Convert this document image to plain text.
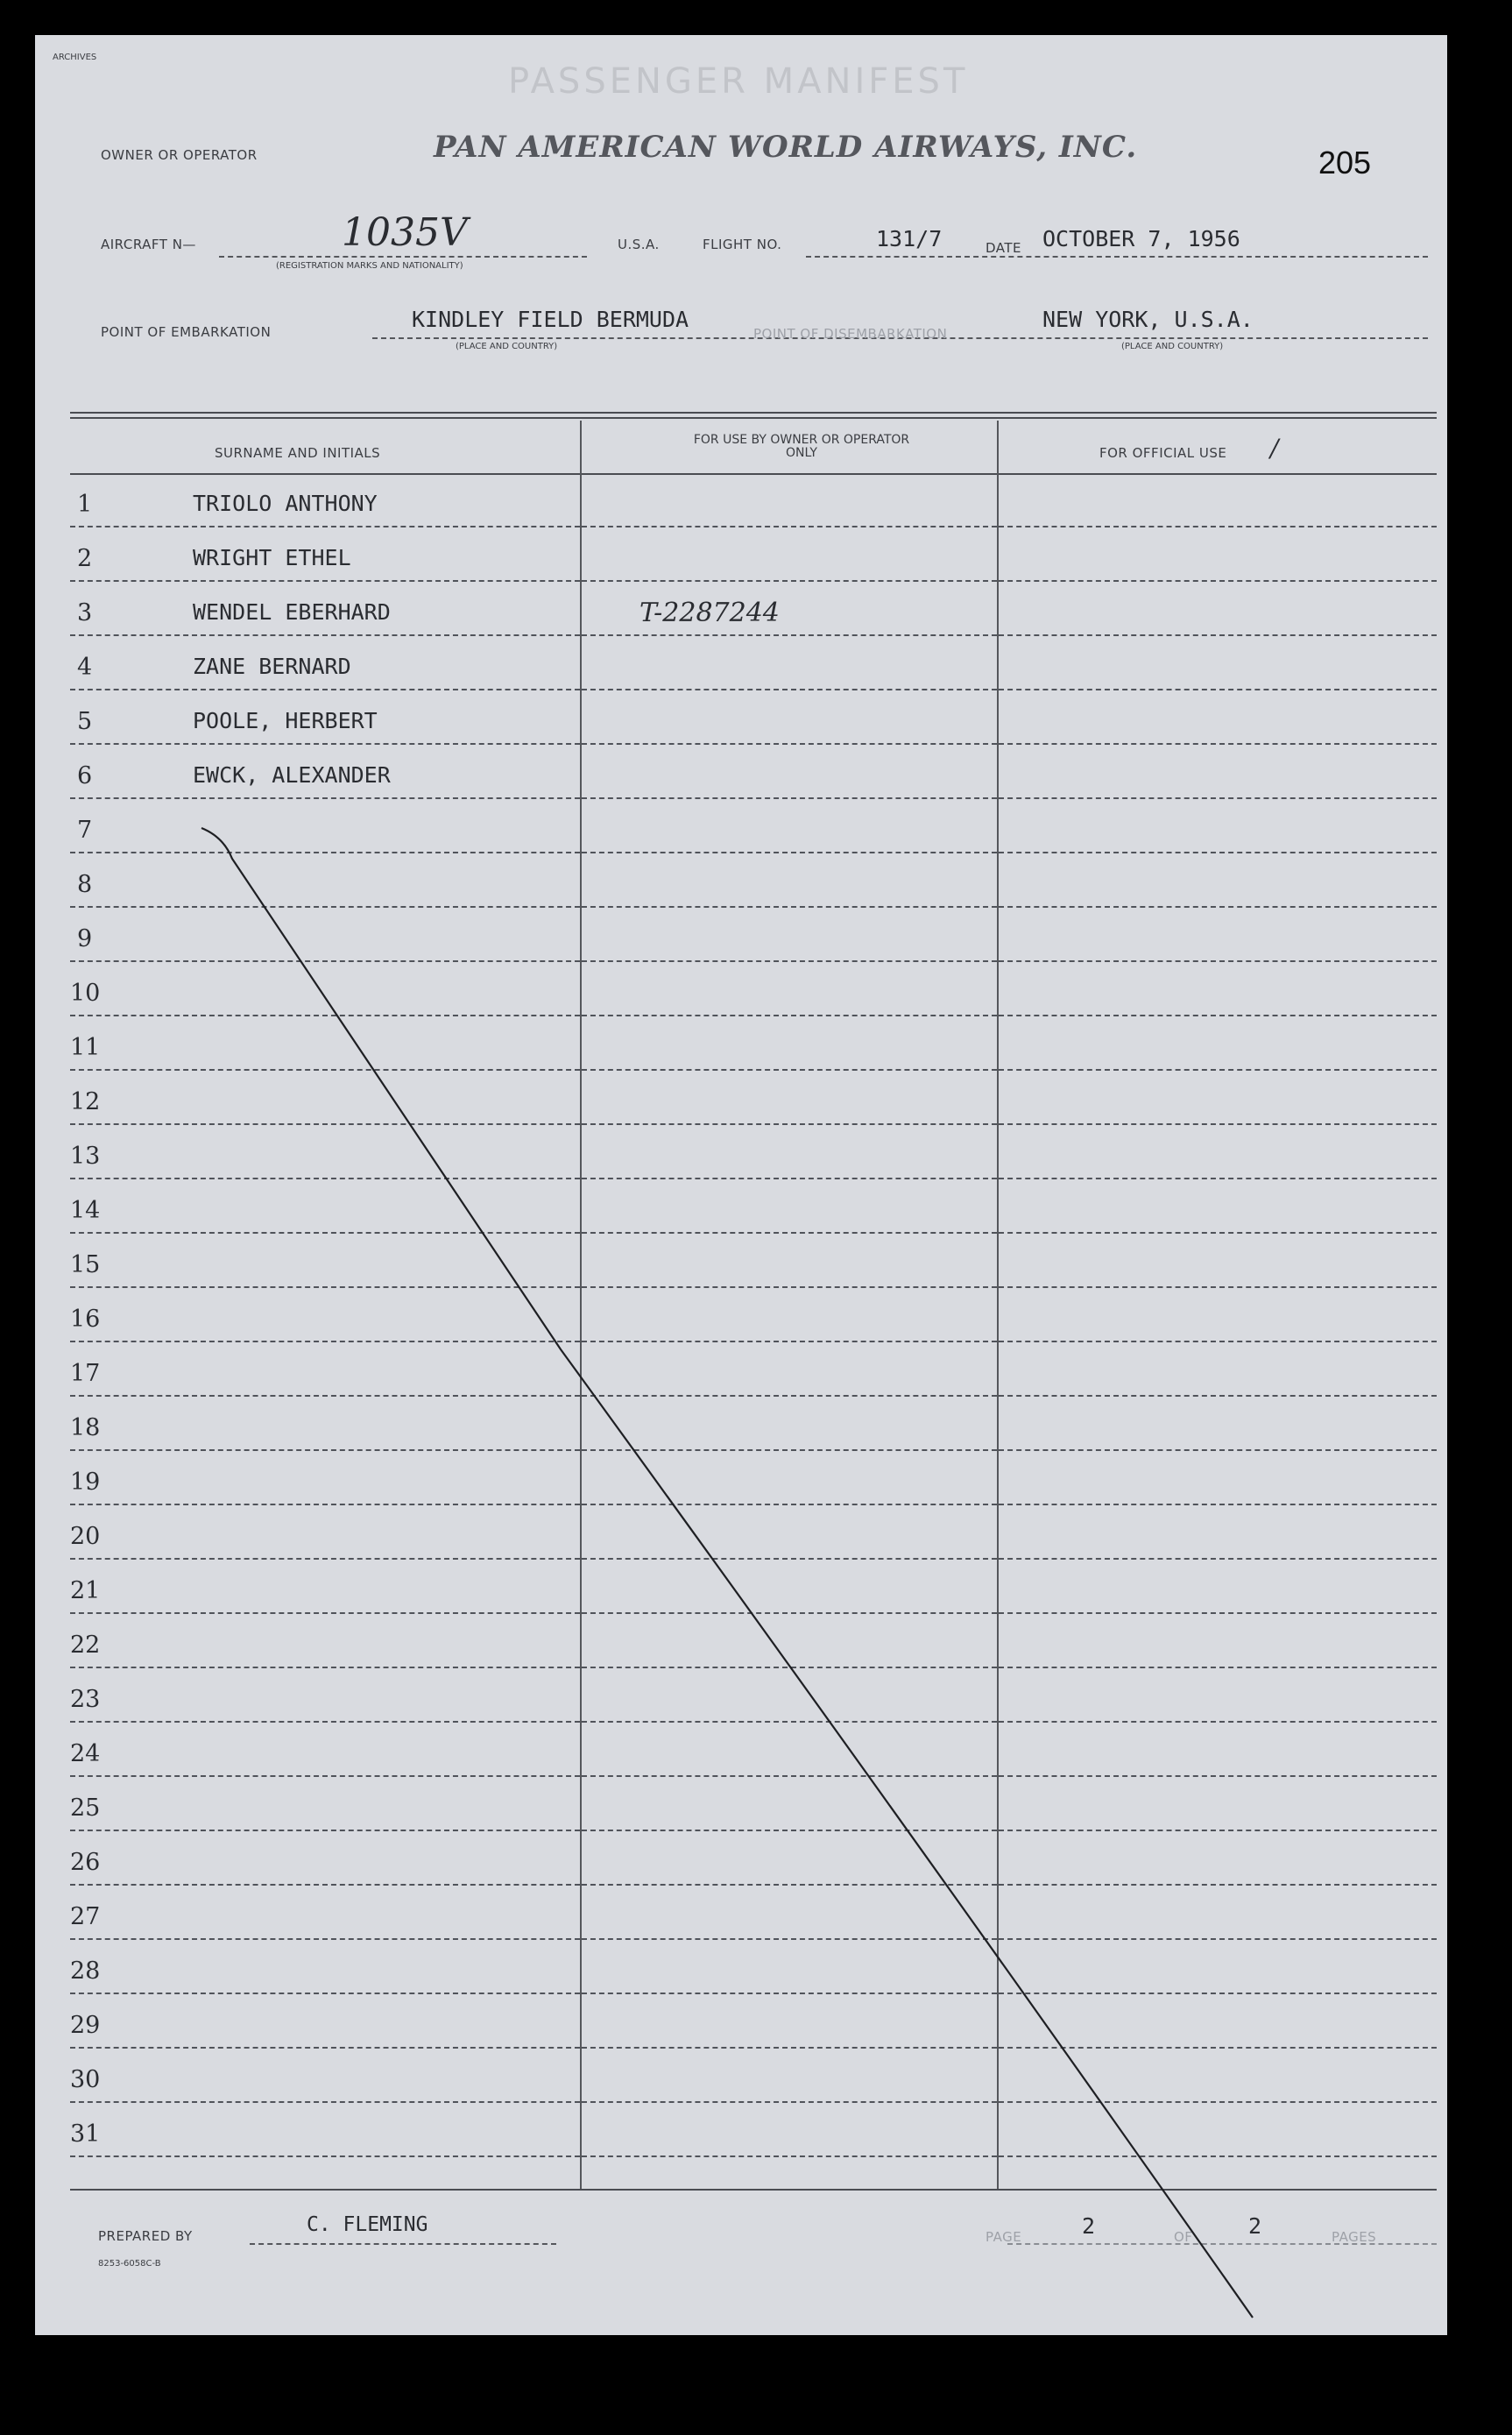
ARCHIVES
PASSENGER MANIFEST
205
OWNER OR OPERATOR	PAN AMERICAN WORLD AIRWAYS, INC.
AIRCRAFT N—	1035V
(REGISTRATION MARKS AND NATIONALITY)
U.S.A.	FLIGHT NO.	131/7	DATE OCTOBER 7, 1956
POINT OF EMBARKATION	KINDLEY FIELD BERMUDA
(PLACE AND COUNTRY)
POINT OF DISEMBARKATION
NEW YORK, U.S.A.
(PLACE AND COUNTRY)
SURNAME AND INITIALS
FOR USE BY OWNER OR OPERATOR ONLY	FOR OFFICIAL USE /
1	TRIOLO ANTHONY
2	WRIGHT ETHEL
3	WENDEL EBERHARD	T-2287244
4	ZANE BERNARD
5	POOLE, HERBERT
6	EWCK, ALEXANDER
7
8
9
10
11
12
13
14
15
16
17
18
19
20
21
22
23
24
25
26
27
28
29
30
31
PREPARED BY	C. FLEMING
8253-6058C-B
PAGE	2	OF	2	PAGES
